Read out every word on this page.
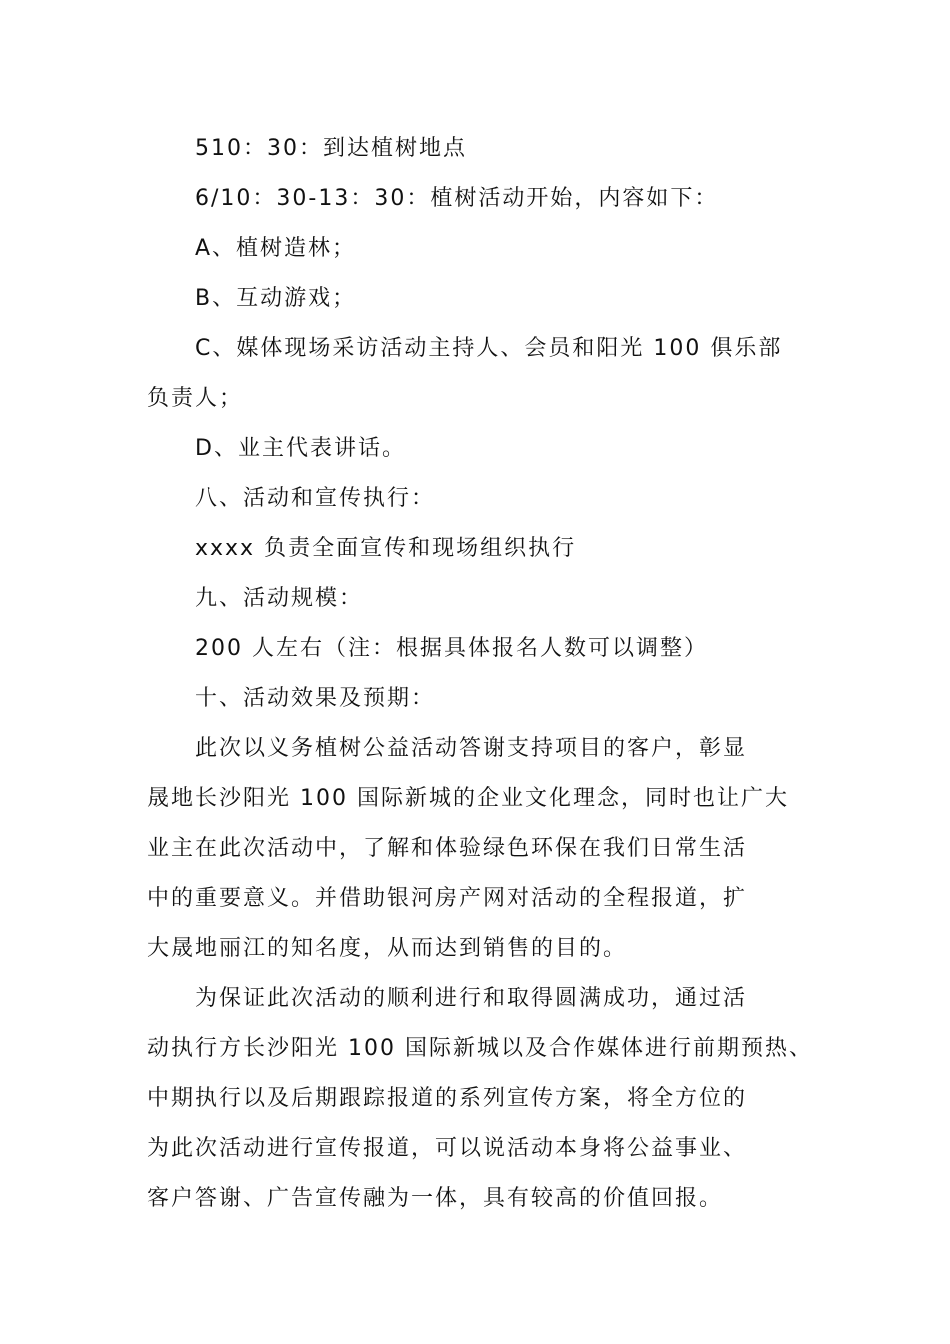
510：30：到达植树地点
6/10：30-13：30：植树活动开始，内容如下：
A、植树造林；
B、互动游戏；
C、媒体现场采访活动主持人、会员和阳光 100 俱乐部
负责人；
D、业主代表讲话。
八、活动和宣传执行：
xxxx 负责全面宣传和现场组织执行
九、活动规模：
200 人左右（注：根据具体报名人数可以调整）
十、活动效果及预期：
此次以义务植树公益活动答谢支持项目的客户，彰显
晟地长沙阳光 100 国际新城的企业文化理念，同时也让广大
业主在此次活动中，了解和体验绿色环保在我们日常生活
中的重要意义。并借助银河房产网对活动的全程报道，扩
大晟地丽江的知名度，从而达到销售的目的。
为保证此次活动的顺利进行和取得圆满成功，通过活
动执行方长沙阳光 100 国际新城以及合作媒体进行前期预热、
中期执行以及后期跟踪报道的系列宣传方案，将全方位的
为此次活动进行宣传报道，可以说活动本身将公益事业、
客户答谢、广告宣传融为一体，具有较高的价值回报。
